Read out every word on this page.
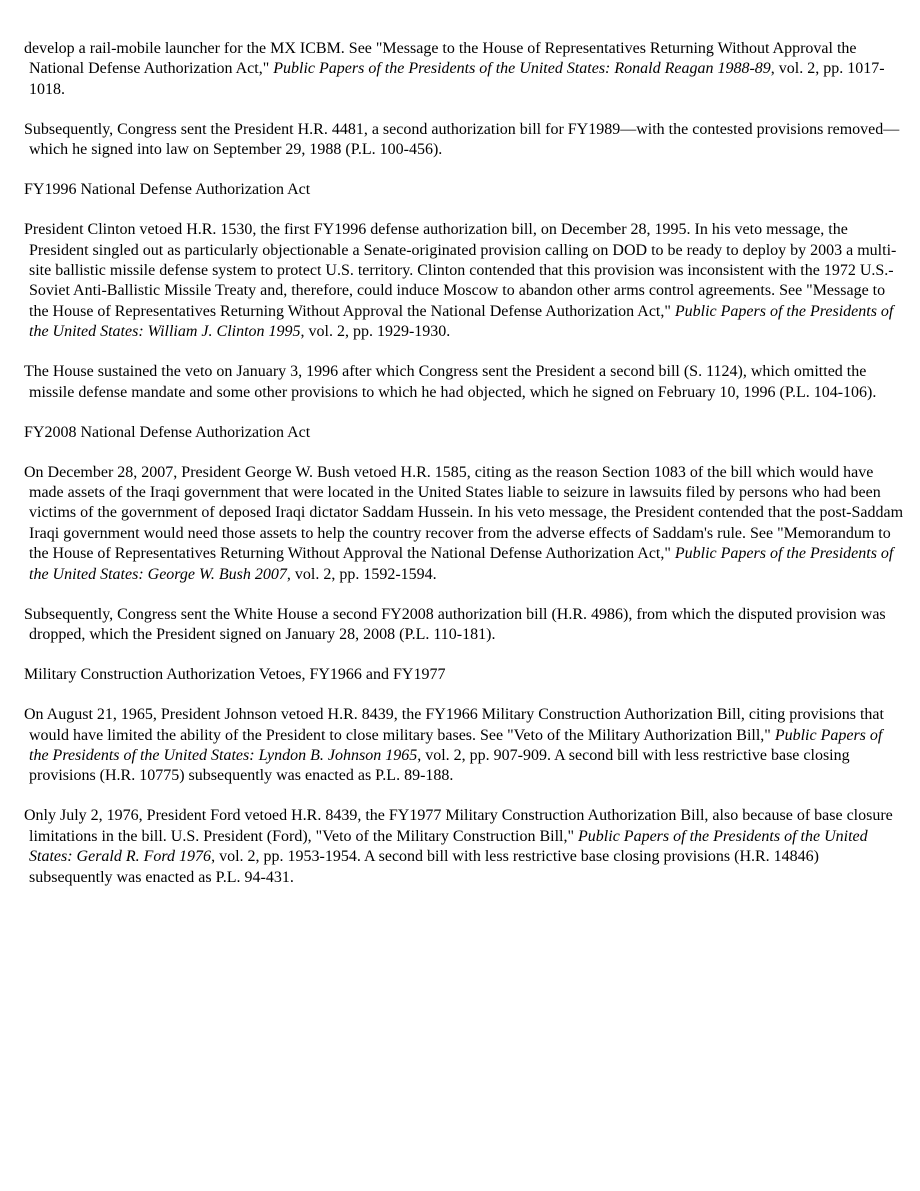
develop a rail-mobile launcher for the MX ICBM. See "Message to the House of Representatives Returning Without Approval the National Defense Authorization Act," Public Papers of the Presidents of the United States: Ronald Reagan 1988-89, vol. 2, pp. 1017-1018.

Subsequently, Congress sent the President H.R. 4481, a second authorization bill for FY1989—with the contested provisions removed—which he signed into law on September 29, 1988 (P.L. 100-456).

FY1996 National Defense Authorization Act

President Clinton vetoed H.R. 1530, the first FY1996 defense authorization bill, on December 28, 1995. In his veto message, the President singled out as particularly objectionable a Senate-originated provision calling on DOD to be ready to deploy by 2003 a multi-site ballistic missile defense system to protect U.S. territory. Clinton contended that this provision was inconsistent with the 1972 U.S.-Soviet Anti-Ballistic Missile Treaty and, therefore, could induce Moscow to abandon other arms control agreements. See "Message to the House of Representatives Returning Without Approval the National Defense Authorization Act," Public Papers of the Presidents of the United States: William J. Clinton 1995, vol. 2, pp. 1929-1930.

The House sustained the veto on January 3, 1996 after which Congress sent the President a second bill (S. 1124), which omitted the missile defense mandate and some other provisions to which he had objected, which he signed on February 10, 1996 (P.L. 104-106).

FY2008 National Defense Authorization Act

On December 28, 2007, President George W. Bush vetoed H.R. 1585, citing as the reason Section 1083 of the bill which would have made assets of the Iraqi government that were located in the United States liable to seizure in lawsuits filed by persons who had been victims of the government of deposed Iraqi dictator Saddam Hussein. In his veto message, the President contended that the post-Saddam Iraqi government would need those assets to help the country recover from the adverse effects of Saddam's rule. See "Memorandum to the House of Representatives Returning Without Approval the National Defense Authorization Act," Public Papers of the Presidents of the United States: George W. Bush 2007, vol. 2, pp. 1592-1594.

Subsequently, Congress sent the White House a second FY2008 authorization bill (H.R. 4986), from which the disputed provision was dropped, which the President signed on January 28, 2008 (P.L. 110-181).

Military Construction Authorization Vetoes, FY1966 and FY1977

On August 21, 1965, President Johnson vetoed H.R. 8439, the FY1966 Military Construction Authorization Bill, citing provisions that would have limited the ability of the President to close military bases. See "Veto of the Military Authorization Bill," Public Papers of the Presidents of the United States: Lyndon B. Johnson 1965, vol. 2, pp. 907-909. A second bill with less restrictive base closing provisions (H.R. 10775) subsequently was enacted as P.L. 89-188.

Only July 2, 1976, President Ford vetoed H.R. 8439, the FY1977 Military Construction Authorization Bill, also because of base closure limitations in the bill. U.S. President (Ford), "Veto of the Military Construction Bill," Public Papers of the Presidents of the United States: Gerald R. Ford 1976, vol. 2, pp. 1953-1954. A second bill with less restrictive base closing provisions (H.R. 14846) subsequently was enacted as P.L. 94-431.
